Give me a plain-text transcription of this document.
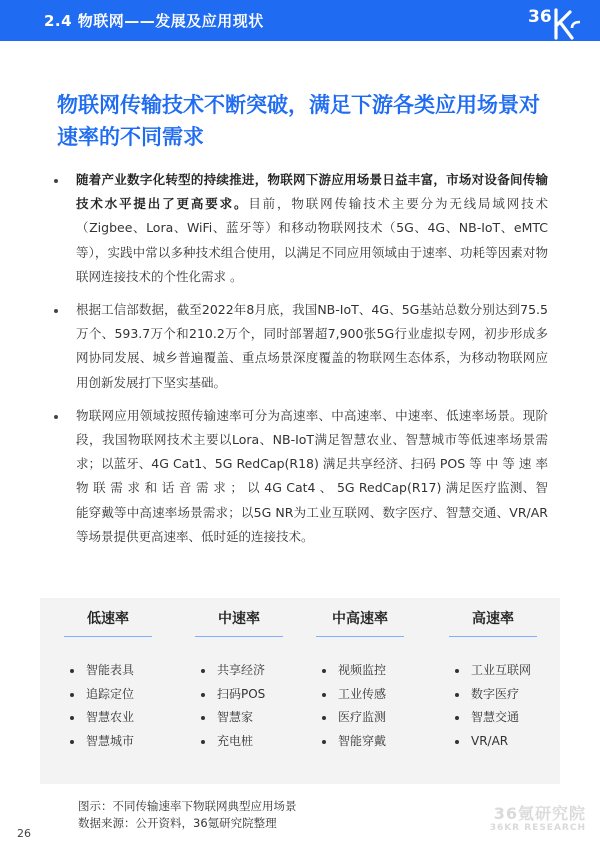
2.4 物联网——发展及应用现状	36
物联网传输技术不断突破，满足下游各类应用场景对速率的不同需求
随着产业数字化转型的持续推进，物联网下游应用场景日益丰富，市场对设备间传输技术水平提出了更高要求。目前，物联网传输技术主要分为无线局域网技术（Zigbee、Lora、WiFi、蓝牙等）和移动物联网技术（5G、4G、NB-IoT、eMTC等），实践中常以多种技术组合使用，以满足不同应用领域由于速率、功耗等因素对物联网连接技术的个性化需求 。
根据工信部数据，截至2022年8月底，我国NB-IoT、4G、5G基站总数分别达到75.5万个、593.7万个和210.2万个，同时部署超7,900张5G行业虚拟专网，初步形成多网协同发展、城乡普遍覆盖、重点场景深度覆盖的物联网生态体系，为移动物联网应用创新发展打下坚实基础。
物联网应用领域按照传输速率可分为高速率、中高速率、中速率、低速率场景。现阶段，我国物联网技术主要以Lora、NB-IoT满足智慧农业、智慧城市等低速率场景需求；以蓝牙、4G Cat1、5G RedCap(R18) 满足共享经济、扫码 POS 等 中 等 速 率 物 联 需 求 和 话 音 需 求 ； 以 4G Cat4 、 5G RedCap(R17) 满足医疗监测、智能穿戴等中高速率场景需求；以5G NR为工业互联网、数字医疗、智慧交通、VR/AR等场景提供更高速率、低时延的连接技术。
低速率
智能表具
追踪定位
智慧农业
智慧城市
中速率
共享经济
扫码POS
智慧家
充电桩
中高速率
视频监控
工业传感
医疗监测
智能穿戴
高速率
工业互联网
数字医疗
智慧交通
VR/AR
图示：不同传输速率下物联网典型应用场景
数据来源：公开资料，36氪研究院整理
26
36氪研究院
36KR RESEARCH
